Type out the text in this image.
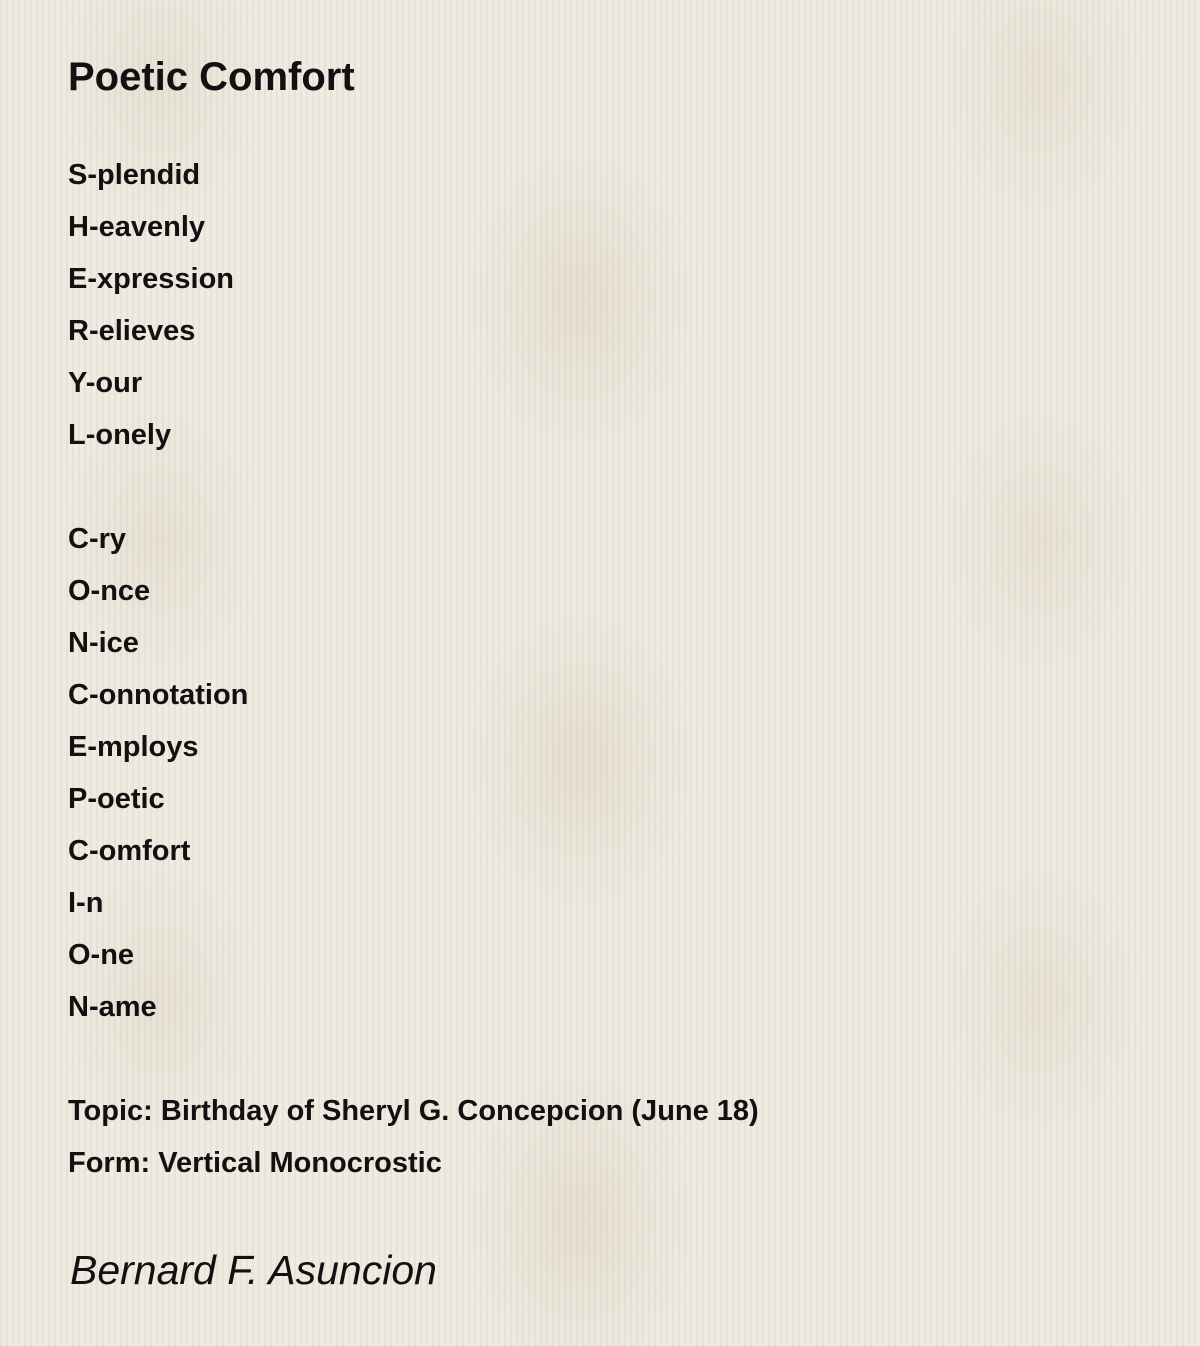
Poetic Comfort
S-plendid
H-eavenly
E-xpression
R-elieves
Y-our
L-onely
C-ry
O-nce
N-ice
C-onnotation
E-mploys
P-oetic
C-omfort
I-n
O-ne
N-ame
Topic: Birthday of Sheryl G. Concepcion (June 18)
Form: Vertical Monocrostic

Bernard F. Asuncion
